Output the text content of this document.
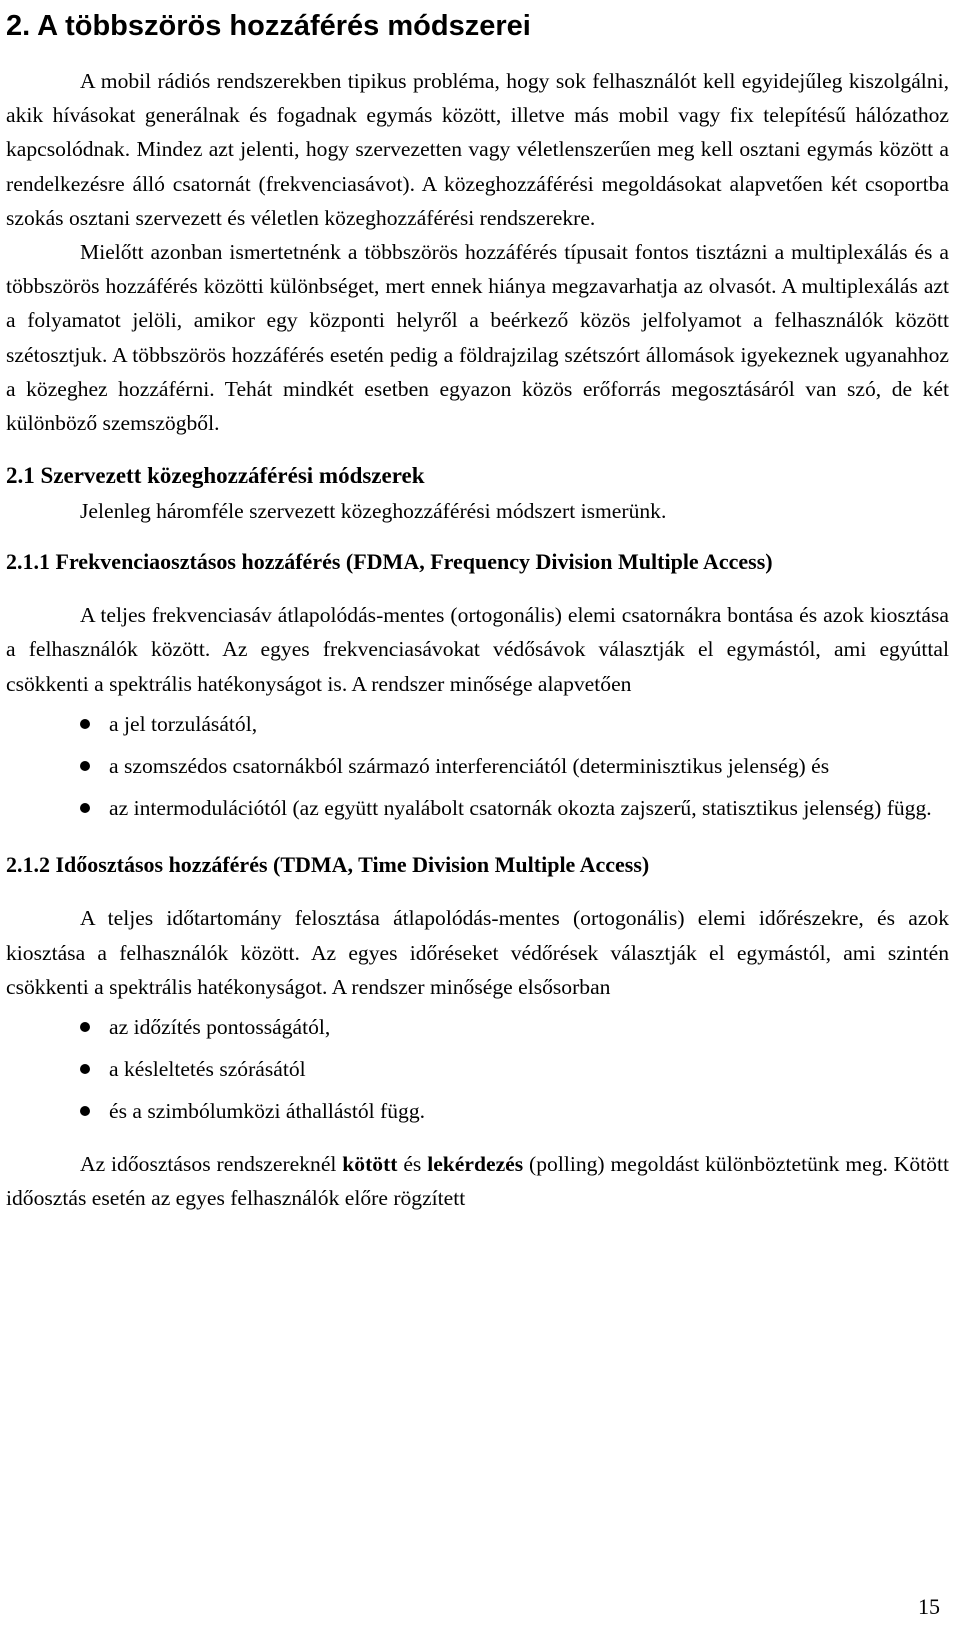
2. A többszörös hozzáférés módszerei

A mobil rádiós rendszerekben tipikus probléma, hogy sok felhasználót kell egyidejűleg kiszolgálni, akik hívásokat generálnak és fogadnak egymás között, illetve más mobil vagy fix telepítésű hálózathoz kapcsolódnak. Mindez azt jelenti, hogy szervezetten vagy véletlenszerűen meg kell osztani egymás között a rendelkezésre álló csatornát (frekvenciasávot). A közeghozzáférési megoldásokat alapvetően két csoportba szokás osztani szervezett és véletlen közeghozzáférési rendszerekre.

Mielőtt azonban ismertetnénk a többszörös hozzáférés típusait fontos tisztázni a multiplexálás és a többszörös hozzáférés közötti különbséget, mert ennek hiánya megzavarhatja az olvasót. A multiplexálás azt a folyamatot jelöli, amikor egy központi helyről a beérkező közös jelfolyamot a felhasználók között szétosztjuk. A többszörös hozzáférés esetén pedig a földrajzilag szétszórt állomások igyekeznek ugyanahhoz a közeghez hozzáférni. Tehát mindkét esetben egyazon közös erőforrás megosztásáról van szó, de két különböző szemszögből.

2.1 Szervezett közeghozzáférési módszerek

Jelenleg háromféle szervezett közeghozzáférési módszert ismerünk.

2.1.1 Frekvenciaosztásos hozzáférés (FDMA, Frequency Division Multiple Access)

A teljes frekvenciasáv átlapolódás-mentes (ortogonális) elemi csatornákra bontása és azok kiosztása a felhasználók között. Az egyes frekvenciasávokat védősávok választják el egymástól, ami egyúttal csökkenti a spektrális hatékonyságot is. A rendszer minősége alapvetően

a jel torzulásától,
a szomszédos csatornákból származó interferenciától (determinisztikus jelenség) és
az intermodulációtól (az együtt nyalábolt csatornák okozta zajszerű, statisztikus jelenség) függ.
2.1.2 Időosztásos hozzáférés (TDMA, Time Division Multiple Access)

A teljes időtartomány felosztása átlapolódás-mentes (ortogonális) elemi időrészekre, és azok kiosztása a felhasználók között. Az egyes időréseket védőrések választják el egymástól, ami szintén csökkenti a spektrális hatékonyságot. A rendszer minősége elsősorban

az időzítés pontosságától,
a késleltetés szórásától
és a szimbólumközi áthallástól függ.

Az időosztásos rendszereknél kötött és lekérdezés (polling) megoldást különböztetünk meg. Kötött időosztás esetén az egyes felhasználók előre rögzített

15
